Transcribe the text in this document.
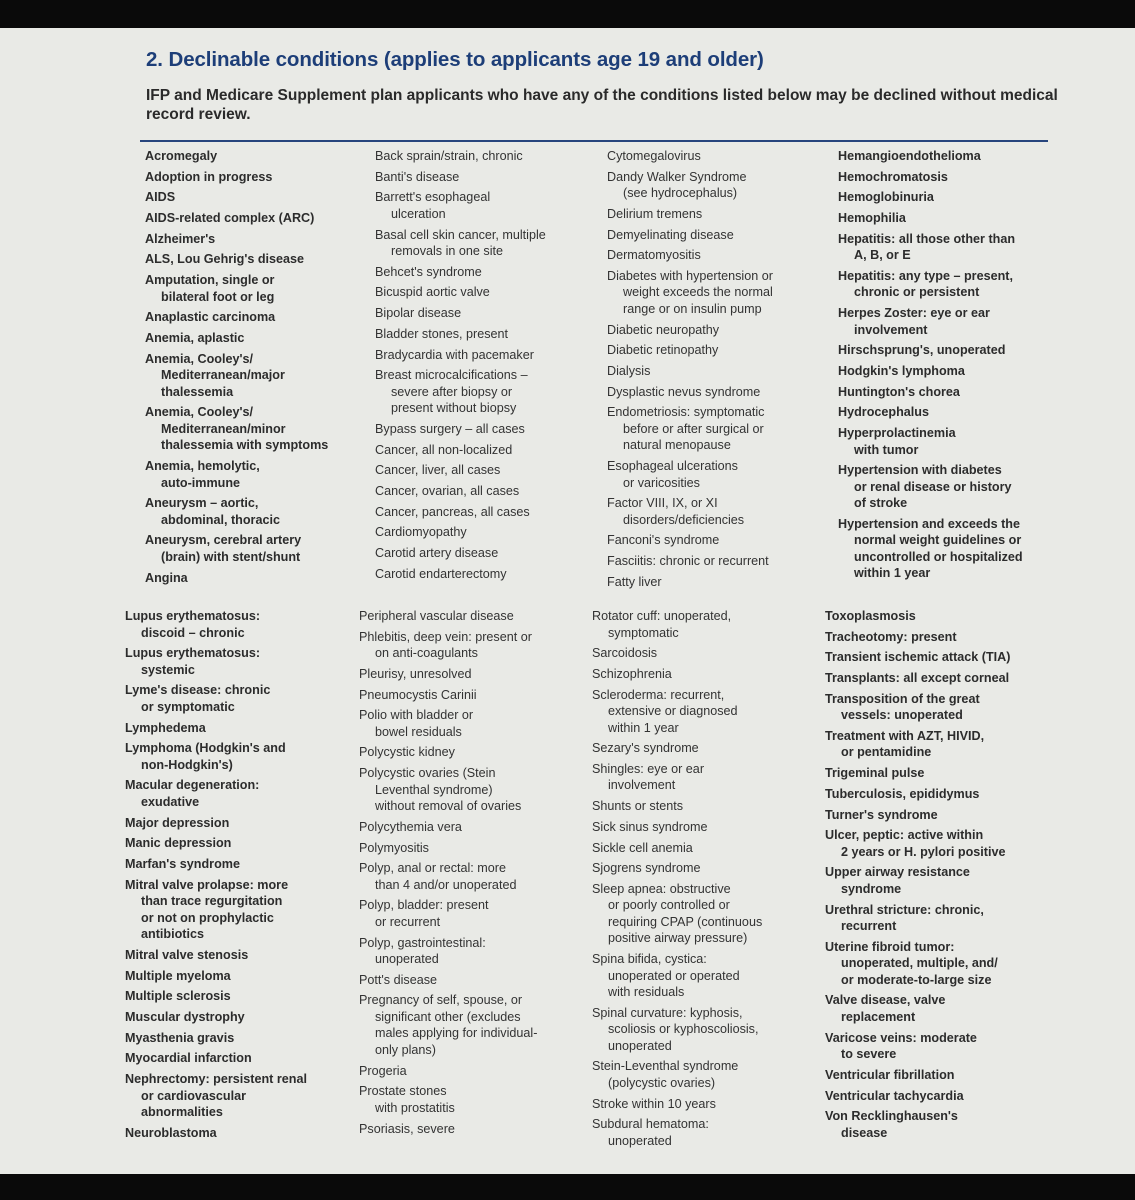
2. Declinable conditions (applies to applicants age 19 and older)
IFP and Medicare Supplement plan applicants who have any of the conditions listed below may be declined without medical record review.
Acromegaly
Adoption in progress
AIDS
AIDS-related complex (ARC)
Alzheimer's
ALS, Lou Gehrig's disease
Amputation, single or
bilateral foot or leg
Anaplastic carcinoma
Anemia, aplastic
Anemia, Cooley's/
Mediterranean/major
thalessemia
Anemia, Cooley's/
Mediterranean/minor
thalessemia with symptoms
Anemia, hemolytic,
auto-immune
Aneurysm – aortic,
abdominal, thoracic
Aneurysm, cerebral artery
(brain) with stent/shunt
Angina
Back sprain/strain, chronic
Banti's disease
Barrett's esophageal
ulceration
Basal cell skin cancer, multiple
removals in one site
Behcet's syndrome
Bicuspid aortic valve
Bipolar disease
Bladder stones, present
Bradycardia with pacemaker
Breast microcalcifications –
severe after biopsy or
present without biopsy
Bypass surgery – all cases
Cancer, all non-localized
Cancer, liver, all cases
Cancer, ovarian, all cases
Cancer, pancreas, all cases
Cardiomyopathy
Carotid artery disease
Carotid endarterectomy
Cytomegalovirus
Dandy Walker Syndrome
(see hydrocephalus)
Delirium tremens
Demyelinating disease
Dermatomyositis
Diabetes with hypertension or
weight exceeds the normal
range or on insulin pump
Diabetic neuropathy
Diabetic retinopathy
Dialysis
Dysplastic nevus syndrome
Endometriosis: symptomatic
before or after surgical or
natural menopause
Esophageal ulcerations
or varicosities
Factor VIII, IX, or XI
disorders/deficiencies
Fanconi's syndrome
Fasciitis: chronic or recurrent
Fatty liver
Hemangioendothelioma
Hemochromatosis
Hemoglobinuria
Hemophilia
Hepatitis: all those other than
A, B, or E
Hepatitis: any type – present,
chronic or persistent
Herpes Zoster: eye or ear
involvement
Hirschsprung's, unoperated
Hodgkin's lymphoma
Huntington's chorea
Hydrocephalus
Hyperprolactinemia
with tumor
Hypertension with diabetes
or renal disease or history
of stroke
Hypertension and exceeds the
normal weight guidelines or
uncontrolled or hospitalized
within 1 year
Lupus erythematosus:
discoid – chronic
Lupus erythematosus:
systemic
Lyme's disease: chronic
or symptomatic
Lymphedema
Lymphoma (Hodgkin's and
non-Hodgkin's)
Macular degeneration:
exudative
Major depression
Manic depression
Marfan's syndrome
Mitral valve prolapse: more
than trace regurgitation
or not on prophylactic
antibiotics
Mitral valve stenosis
Multiple myeloma
Multiple sclerosis
Muscular dystrophy
Myasthenia gravis
Myocardial infarction
Nephrectomy: persistent renal
or cardiovascular
abnormalities
Neuroblastoma
Peripheral vascular disease
Phlebitis, deep vein: present or
on anti-coagulants
Pleurisy, unresolved
Pneumocystis Carinii
Polio with bladder or
bowel residuals
Polycystic kidney
Polycystic ovaries (Stein
Leventhal syndrome)
without removal of ovaries
Polycythemia vera
Polymyositis
Polyp, anal or rectal: more
than 4 and/or unoperated
Polyp, bladder: present
or recurrent
Polyp, gastrointestinal:
unoperated
Pott's disease
Pregnancy of self, spouse, or
significant other (excludes
males applying for individual-
only plans)
Progeria
Prostate stones
with prostatitis
Psoriasis, severe
Rotator cuff: unoperated,
symptomatic
Sarcoidosis
Schizophrenia
Scleroderma: recurrent,
extensive or diagnosed
within 1 year
Sezary's syndrome
Shingles: eye or ear
involvement
Shunts or stents
Sick sinus syndrome
Sickle cell anemia
Sjogrens syndrome
Sleep apnea: obstructive
or poorly controlled or
requiring CPAP (continuous
positive airway pressure)
Spina bifida, cystica:
unoperated or operated
with residuals
Spinal curvature: kyphosis,
scoliosis or kyphoscoliosis,
unoperated
Stein-Leventhal syndrome
(polycystic ovaries)
Stroke within 10 years
Subdural hematoma:
unoperated
Toxoplasmosis
Tracheotomy: present
Transient ischemic attack (TIA)
Transplants: all except corneal
Transposition of the great
vessels: unoperated
Treatment with AZT, HIVID,
or pentamidine
Trigeminal pulse
Tuberculosis, epididymus
Turner's syndrome
Ulcer, peptic: active within
2 years or H. pylori positive
Upper airway resistance
syndrome
Urethral stricture: chronic,
recurrent
Uterine fibroid tumor:
unoperated, multiple, and/
or moderate-to-large size
Valve disease, valve
replacement
Varicose veins: moderate
to severe
Ventricular fibrillation
Ventricular tachycardia
Von Recklinghausen's
disease
